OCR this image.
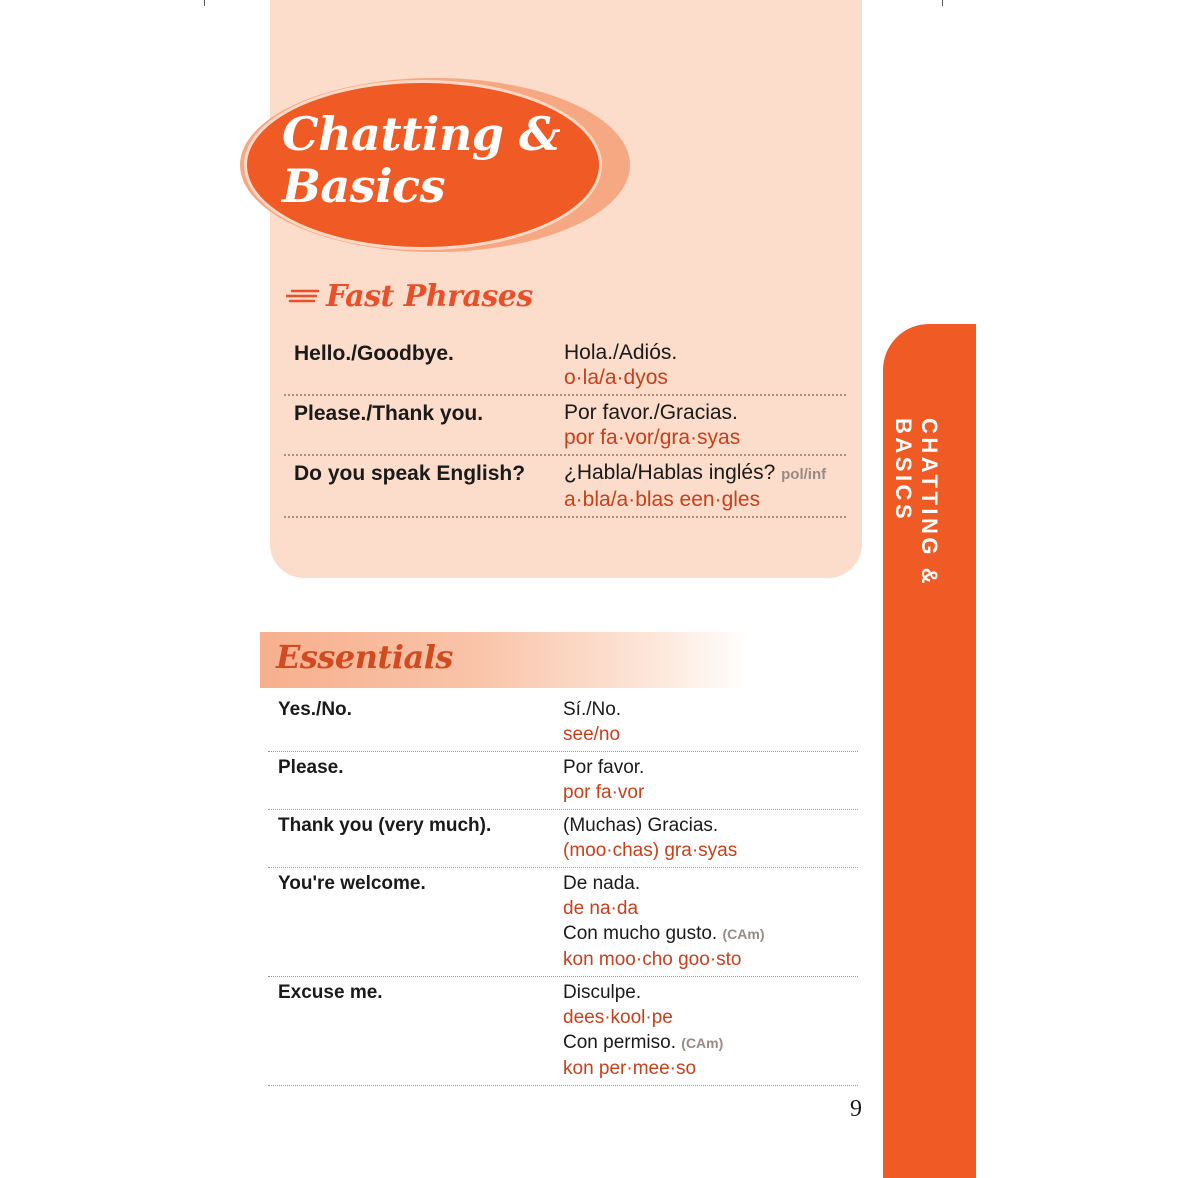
Chatting & Basics
Fast Phrases
Hello./Goodbye.	Hola./Adiós.
o·la/a·dyos
Please./Thank you.	Por favor./Gracias.
por fa·vor/gra·syas
Do you speak English?	¿Habla/Hablas inglés? pol/inf
a·bla/a·blas een·gles
Essentials
Yes./No.	Sí./No.
see/no
Please.	Por favor.
por fa·vor
Thank you (very much).	(Muchas) Gracias.
(moo·chas) gra·syas
You're welcome.	De nada.
de na·da
Con mucho gusto. (CAm)
kon moo·cho goo·sto
Excuse me.	Disculpe.
dees·kool·pe
Con permiso. (CAm)
kon per·mee·so
CHATTING & BASICS
9
